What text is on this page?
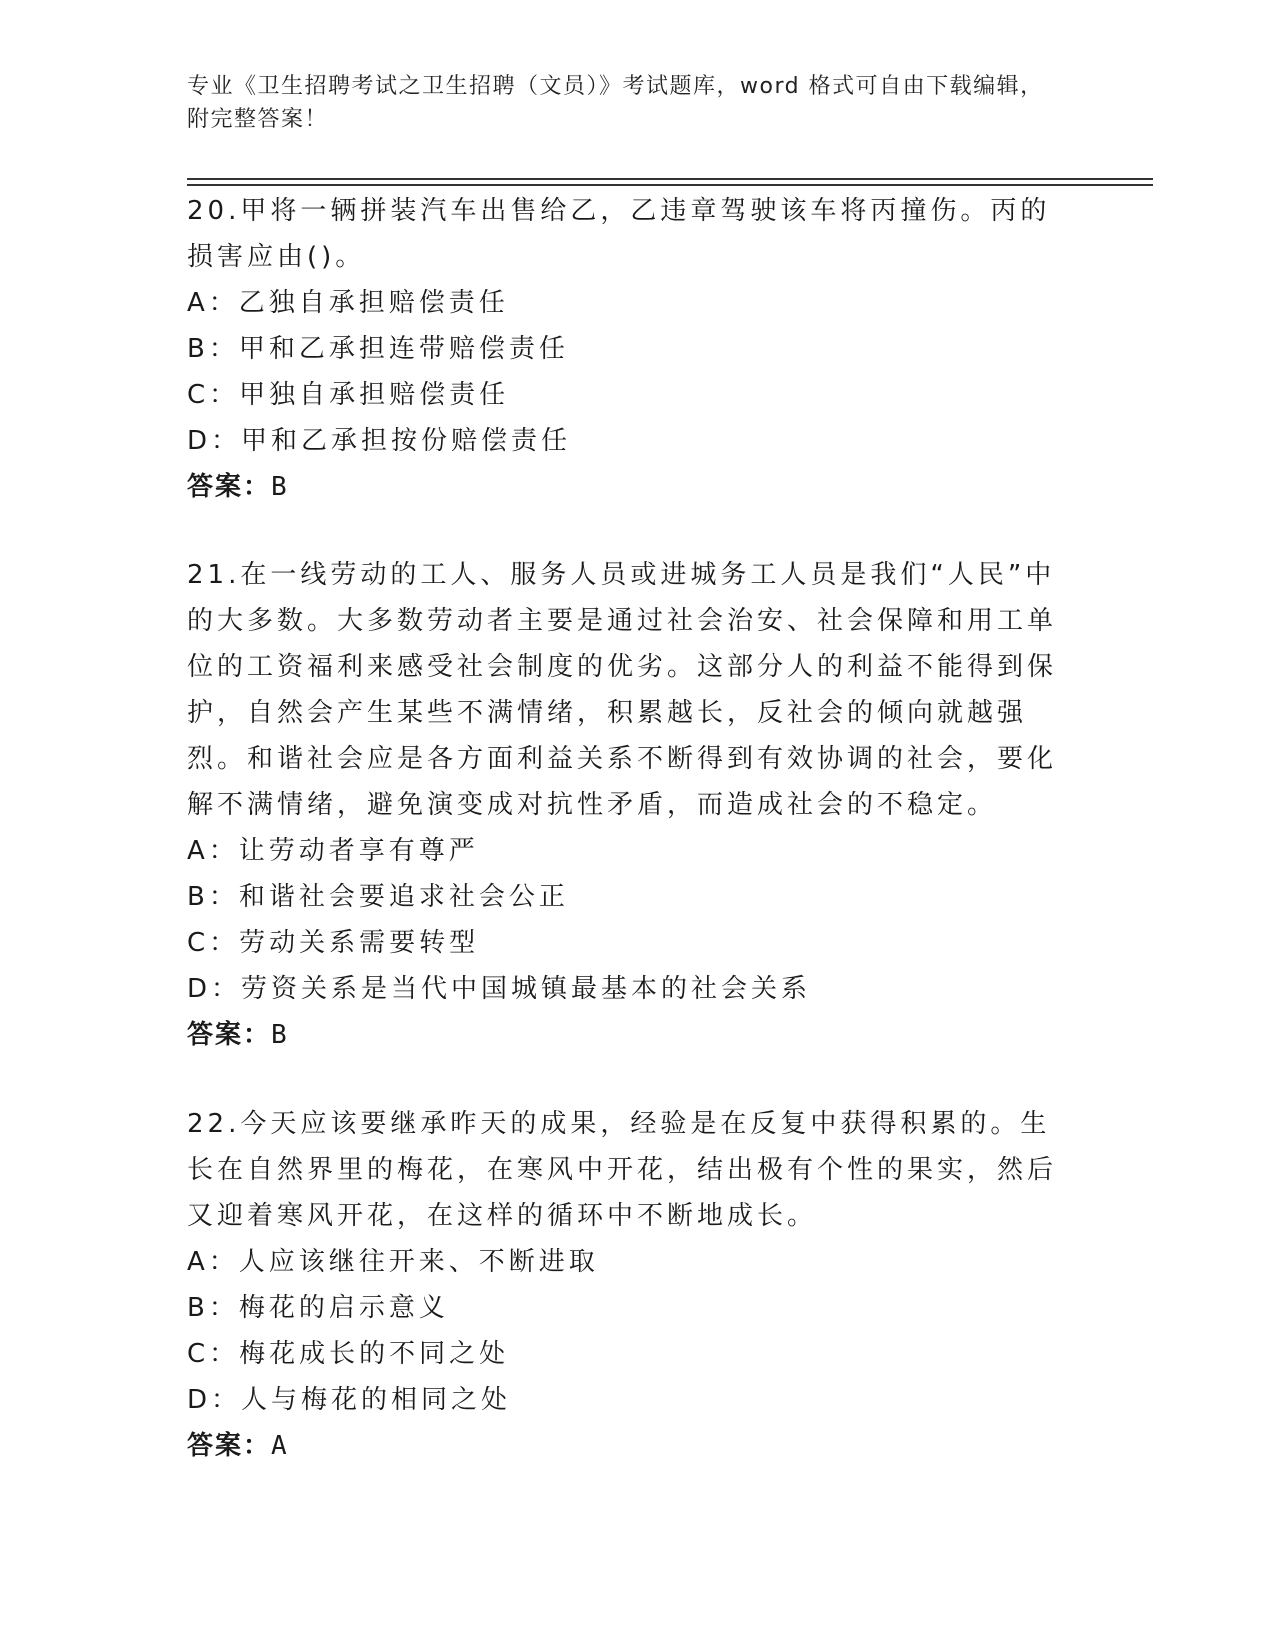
专业《卫生招聘考试之卫生招聘（文员）》考试题库，word 格式可自由下载编辑，附完整答案！

20.甲将一辆拼装汽车出售给乙，乙违章驾驶该车将丙撞伤。丙的损害应由()。

A：乙独自承担赔偿责任

B：甲和乙承担连带赔偿责任

C：甲独自承担赔偿责任

D：甲和乙承担按份赔偿责任

答案：B

21.在一线劳动的工人、服务人员或进城务工人员是我们“人民”中的大多数。大多数劳动者主要是通过社会治安、社会保障和用工单位的工资福利来感受社会制度的优劣。这部分人的利益不能得到保护，自然会产生某些不满情绪，积累越长，反社会的倾向就越强烈。和谐社会应是各方面利益关系不断得到有效协调的社会，要化解不满情绪，避免演变成对抗性矛盾，而造成社会的不稳定。

A：让劳动者享有尊严

B：和谐社会要追求社会公正

C：劳动关系需要转型

D：劳资关系是当代中国城镇最基本的社会关系

答案：B

22.今天应该要继承昨天的成果，经验是在反复中获得积累的。生长在自然界里的梅花，在寒风中开花，结出极有个性的果实，然后又迎着寒风开花，在这样的循环中不断地成长。

A：人应该继往开来、不断进取

B：梅花的启示意义

C：梅花成长的不同之处

D：人与梅花的相同之处

答案：A
